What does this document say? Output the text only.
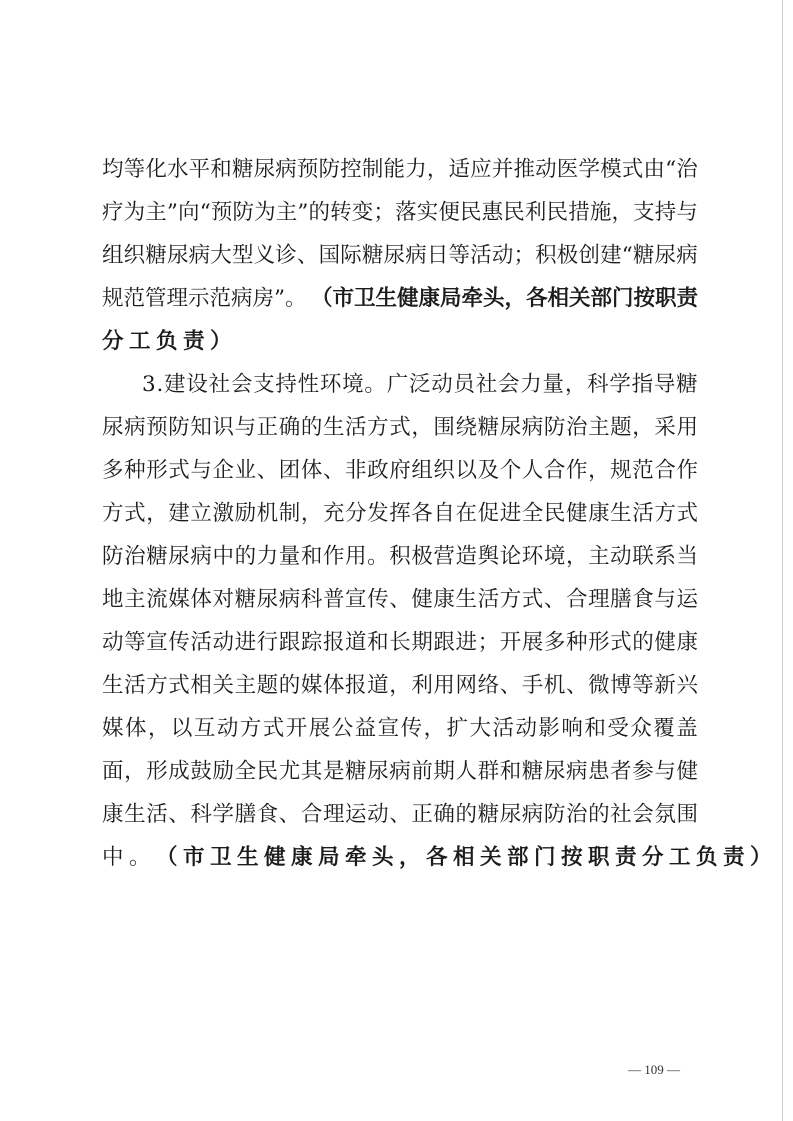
均 等 化 水 平 和 糖 尿 病 预 防 控 制 能 力 ， 适 应 并 推 动 医 学 模 式 由 “ 治
疗 为 主 ” 向 “ 预 防 为 主 ” 的 转 变 ； 落 实 便 民 惠 民 利 民 措 施 ， 支 持 与
组 织 糖 尿 病 大 型 义 诊 、 国 际 糖 尿 病 日 等 活 动 ； 积 极 创 建 “ 糖 尿 病
规范管理示范病房”。 （市卫生健康局牵头，各相关部门按职责
分工负责）
3 . 建 设 社 会 支 持 性 环 境 。 广 泛 动 员 社 会 力 量 ， 科 学 指 导 糖
尿 病 预 防 知 识 与 正 确 的 生 活 方 式 ， 围 绕 糖 尿 病 防 治 主 题 ， 采 用
多 种 形 式 与 企 业 、 团 体 、 非 政 府 组 织 以 及 个 人 合 作 ， 规 范 合 作
方 式 ， 建 立 激 励 机 制 ， 充 分 发 挥 各 自 在 促 进 全 民 健 康 生 活 方 式
防 治 糖 尿 病 中 的 力 量 和 作 用 。 积 极 营 造 舆 论 环 境 ， 主 动 联 系 当
地 主 流 媒 体 对 糖 尿 病 科 普 宣 传 、 健 康 生 活 方 式 、 合 理 膳 食 与 运
动 等 宣 传 活 动 进 行 跟 踪 报 道 和 长 期 跟 进 ； 开 展 多 种 形 式 的 健 康
生 活 方 式 相 关 主 题 的 媒 体 报 道 ， 利 用 网 络 、 手 机 、 微 博 等 新 兴
媒 体 ， 以 互 动 方 式 开 展 公 益 宣 传 ， 扩 大 活 动 影 响 和 受 众 覆 盖
面 ， 形 成 鼓 励 全 民 尤 其 是 糖 尿 病 前 期 人 群 和 糖 尿 病 患 者 参 与 健
康 生 活 、 科 学 膳 食 、 合 理 运 动 、 正 确 的 糖 尿 病 防 治 的 社 会 氛 围
中。 （市卫生健康局牵头，各相关部门按职责分工负责）
— 109 —
